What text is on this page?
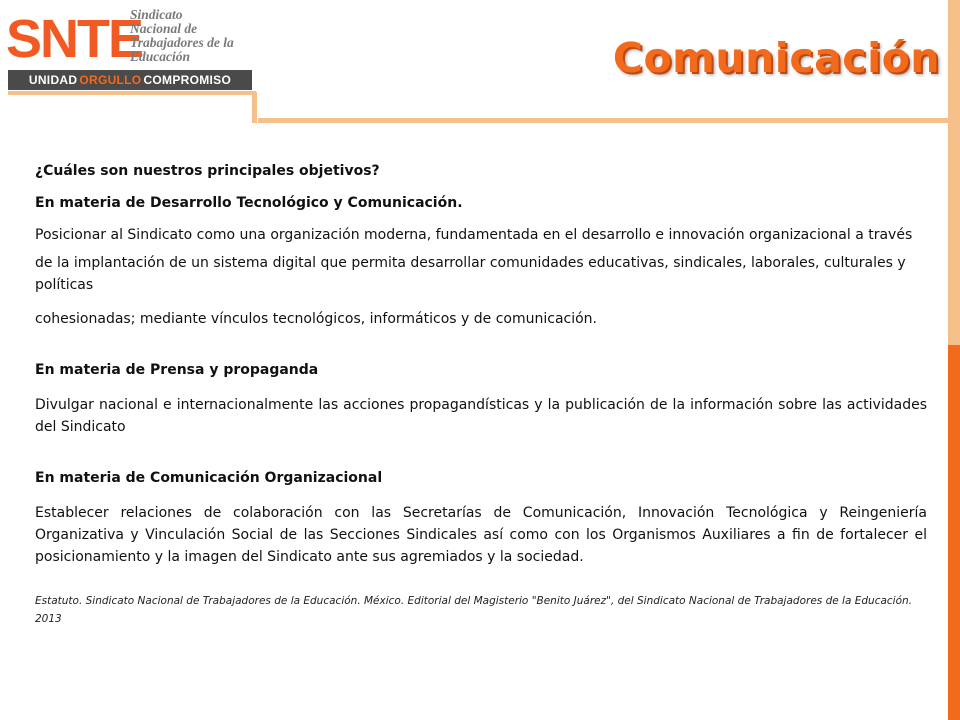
SNTE
Sindicato
Nacional de
Trabajadores de la
Educación
UNIDAD ORGULLO COMPROMISO	Comunicación

¿Cuáles son nuestros principales objetivos?

En materia de Desarrollo Tecnológico y Comunicación.

Posicionar al Sindicato como una organización moderna, fundamentada en el desarrollo e innovación organizacional a través

de la implantación de un sistema digital que permita desarrollar comunidades educativas, sindicales, laborales, culturales y políticas

cohesionadas; mediante vínculos tecnológicos, informáticos y de comunicación.

En materia de Prensa y propaganda

Divulgar nacional e internacionalmente las acciones propagandísticas y la publicación de la información sobre las actividades del Sindicato

En materia de Comunicación Organizacional

Establecer relaciones de colaboración con las Secretarías de Comunicación, Innovación Tecnológica y Reingeniería Organizativa y Vinculación Social de las Secciones Sindicales así como con los Organismos Auxiliares a fin de fortalecer el posicionamiento y la imagen del Sindicato ante sus agremiados y la sociedad.

Estatuto. Sindicato Nacional de Trabajadores de la Educación. México. Editorial del Magisterio "Benito Juárez", del Sindicato Nacional de Trabajadores de la Educación. 2013
